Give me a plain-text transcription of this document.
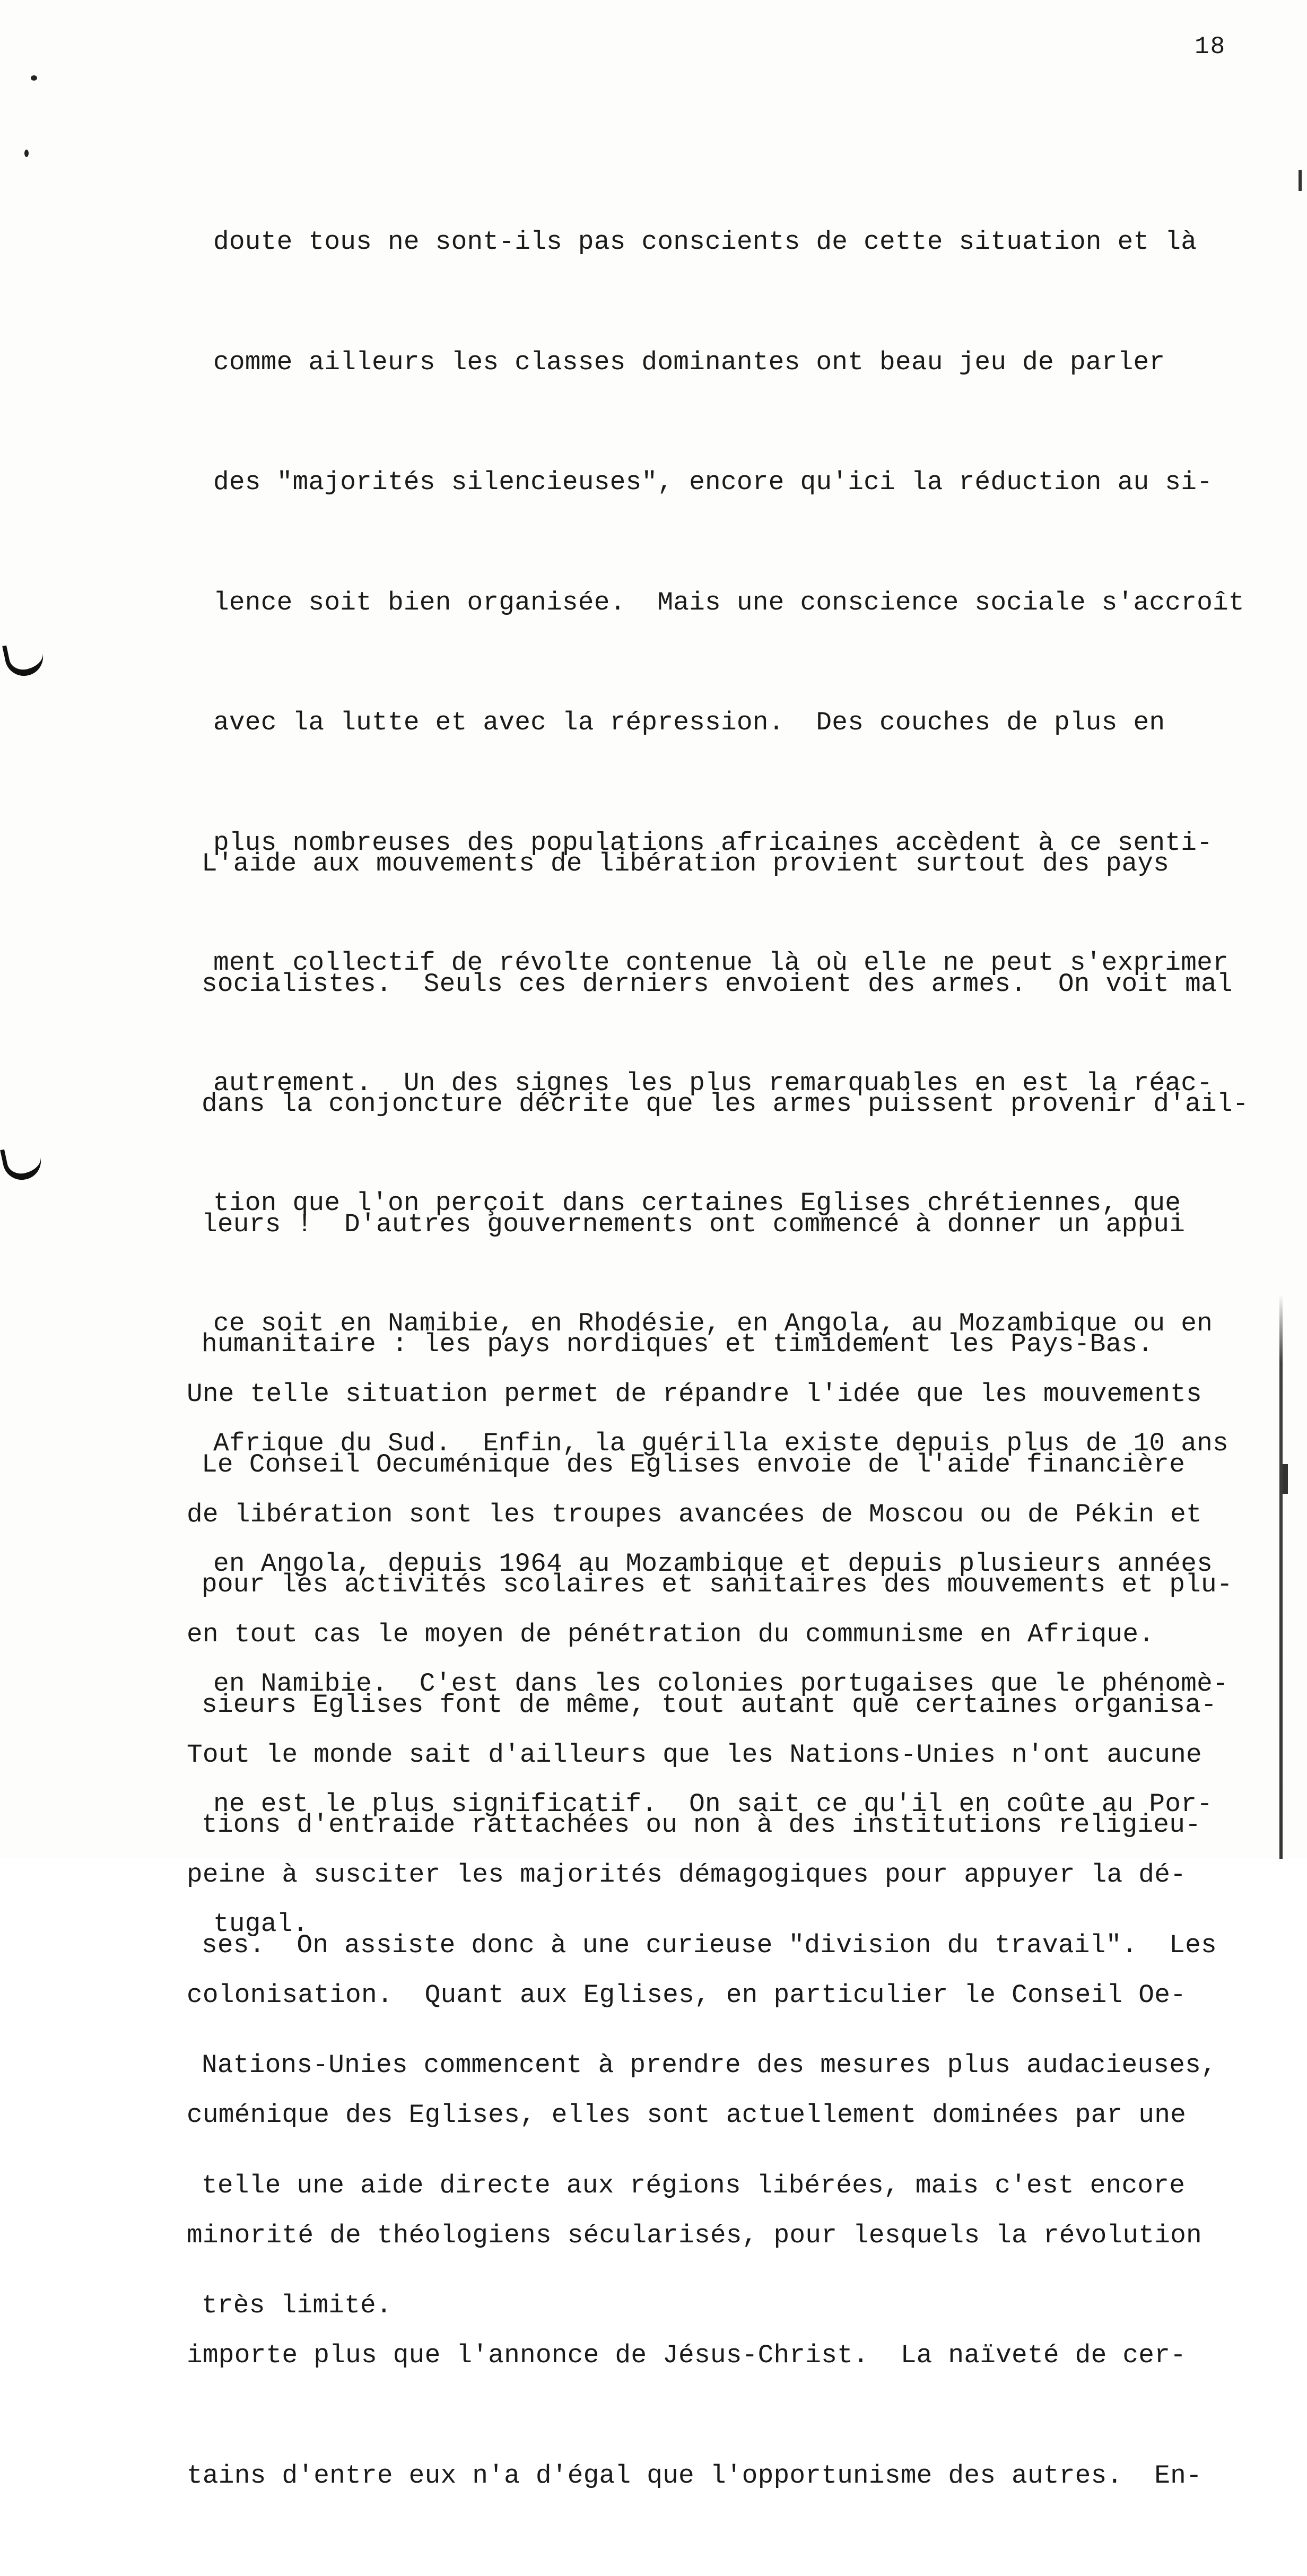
18

doute tous ne sont-ils pas conscients de cette situation et là

comme ailleurs les classes dominantes ont beau jeu de parler

des "majorités silencieuses", encore qu'ici la réduction au si-

lence soit bien organisée.  Mais une conscience sociale s'accroît

avec la lutte et avec la répression.  Des couches de plus en

plus nombreuses des populations africaines accèdent à ce senti-

ment collectif de révolte contenue là où elle ne peut s'exprimer

autrement.  Un des signes les plus remarquables en est la réac-

tion que l'on perçoit dans certaines Eglises chrétiennes, que

ce soit en Namibie, en Rhodésie, en Angola, au Mozambique ou en

Afrique du Sud.  Enfin, la guérilla existe depuis plus de 10 ans

en Angola, depuis 1964 au Mozambique et depuis plusieurs années

en Namibie.  C'est dans les colonies portugaises que le phénomè-

ne est le plus significatif.  On sait ce qu'il en coûte au Por-

tugal.

L'aide aux mouvements de libération provient surtout des pays

socialistes.  Seuls ces derniers envoient des armes.  On voit mal

dans la conjoncture décrite que les armes puissent provenir d'ail-

leurs !  D'autres gouvernements ont commencé à donner un appui

humanitaire : les pays nordiques et timidement les Pays-Bas.

Le Conseil Oecuménique des Eglises envoie de l'aide financière

pour les activités scolaires et sanitaires des mouvements et plu-

sieurs Eglises font de même, tout autant que certaines organisa-

tions d'entraide rattachées ou non à des institutions religieu-

ses.  On assiste donc à une curieuse "division du travail".  Les

Nations-Unies commencent à prendre des mesures plus audacieuses,

telle une aide directe aux régions libérées, mais c'est encore

très limité.

Une telle situation permet de répandre l'idée que les mouvements

de libération sont les troupes avancées de Moscou ou de Pékin et

en tout cas le moyen de pénétration du communisme en Afrique.

Tout le monde sait d'ailleurs que les Nations-Unies n'ont aucune

peine à susciter les majorités démagogiques pour appuyer la dé-

colonisation.  Quant aux Eglises, en particulier le Conseil Oe-

cuménique des Eglises, elles sont actuellement dominées par une

minorité de théologiens sécularisés, pour lesquels la révolution

importe plus que l'annonce de Jésus-Christ.  La naïveté de cer-

tains d'entre eux n'a d'égal que l'opportunisme des autres.  En-
